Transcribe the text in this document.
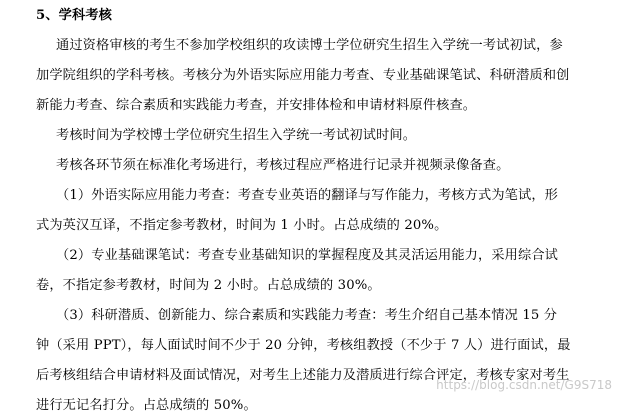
5、学科考核
通过资格审核的考生不参加学校组织的攻读博士学位研究生招生入学统一考试初试，参
加学院组织的学科考核。考核分为外语实际应用能力考查、专业基础课笔试、科研潜质和创
新能力考查、综合素质和实践能力考查，并安排体检和申请材料原件核查。
考核时间为学校博士学位研究生招生入学统一考试初试时间。
考核各环节须在标准化考场进行，考核过程应严格进行记录并视频录像备查。
（1）外语实际应用能力考查：考查专业英语的翻译与写作能力，考核方式为笔试，形
式为英汉互译，不指定参考教材，时间为 1 小时。占总成绩的 20%。
（2）专业基础课笔试：考查专业基础知识的掌握程度及其灵活运用能力，采用综合试
卷，不指定参考教材，时间为 2 小时。占总成绩的 30%。
（3）科研潜质、创新能力、综合素质和实践能力考查：考生介绍自己基本情况 15 分
钟（采用 PPT），每人面试时间不少于 20 分钟，考核组教授（不少于 7 人）进行面试，最
后考核组结合申请材料及面试情况，对考生上述能力及潜质进行综合评定，考核专家对考生
进行无记名打分。占总成绩的 50%。
https://blog.csdn.net/G9S718
